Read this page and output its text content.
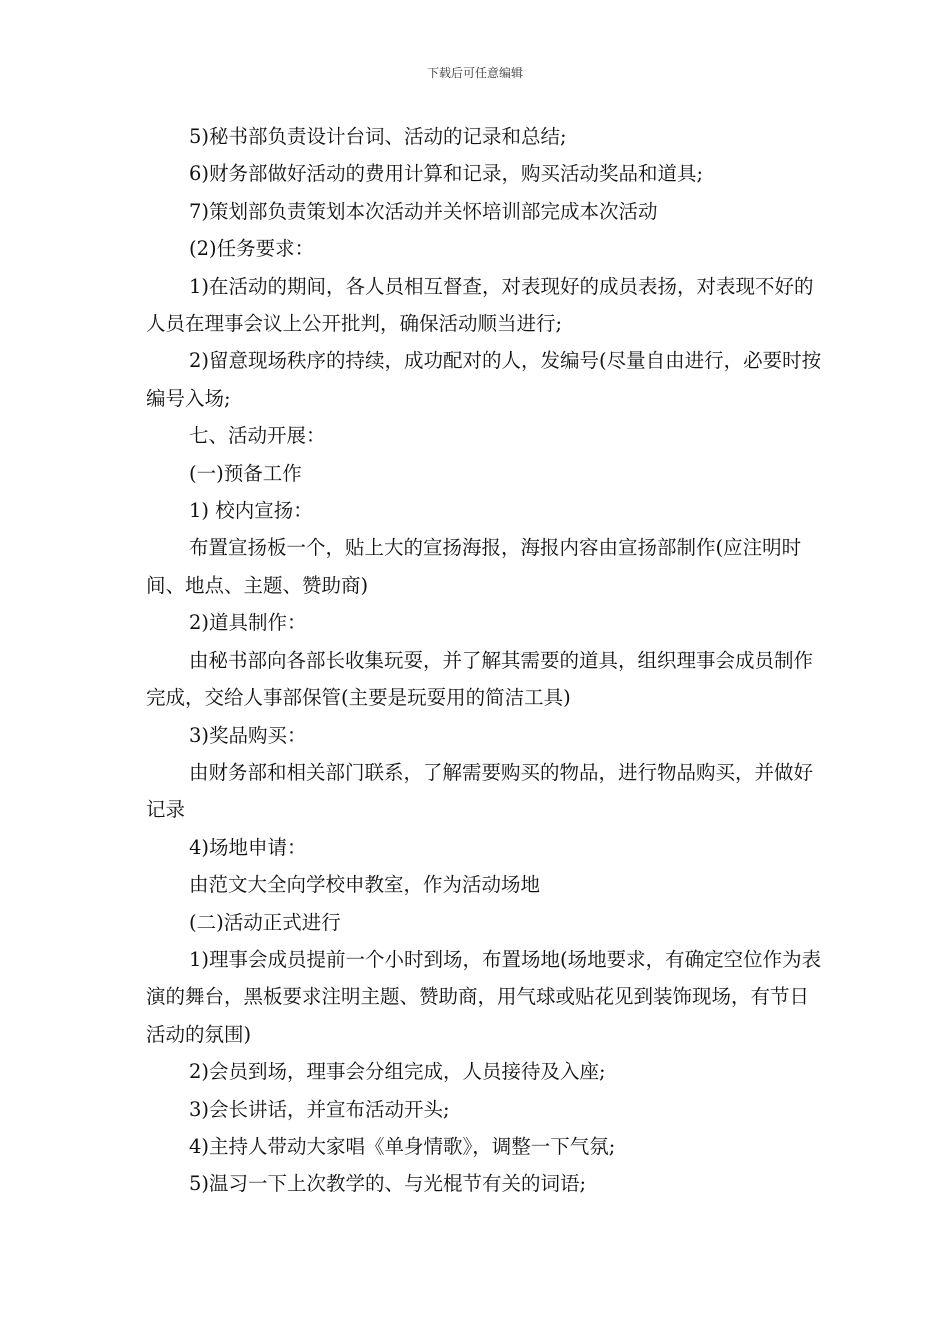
下载后可任意编辑

5)秘书部负责设计台词、活动的记录和总结;

6)财务部做好活动的费用计算和记录，购买活动奖品和道具;

7)策划部负责策划本次活动并关怀培训部完成本次活动

(2)任务要求：

1)在活动的期间，各人员相互督查，对表现好的成员表扬，对表现不好的人员在理事会议上公开批判，确保活动顺当进行;

2)留意现场秩序的持续，成功配对的人，发编号(尽量自由进行，必要时按编号入场;

七、活动开展：

(一)预备工作

1) 校内宣扬：

布置宣扬板一个，贴上大的宣扬海报，海报内容由宣扬部制作(应注明时间、地点、主题、赞助商)

2)道具制作：

由秘书部向各部长收集玩耍，并了解其需要的道具，组织理事会成员制作完成，交给人事部保管(主要是玩耍用的简洁工具)

3)奖品购买：

由财务部和相关部门联系，了解需要购买的物品，进行物品购买，并做好记录

4)场地申请：

由范文大全向学校申教室，作为活动场地

(二)活动正式进行

1)理事会成员提前一个小时到场，布置场地(场地要求，有确定空位作为表演的舞台，黑板要求注明主题、赞助商，用气球或贴花见到装饰现场，有节日活动的氛围)

2)会员到场，理事会分组完成，人员接待及入座;

3)会长讲话，并宣布活动开头;

4)主持人带动大家唱《单身情歌》，调整一下气氛;

5)温习一下上次教学的、与光棍节有关的词语;
